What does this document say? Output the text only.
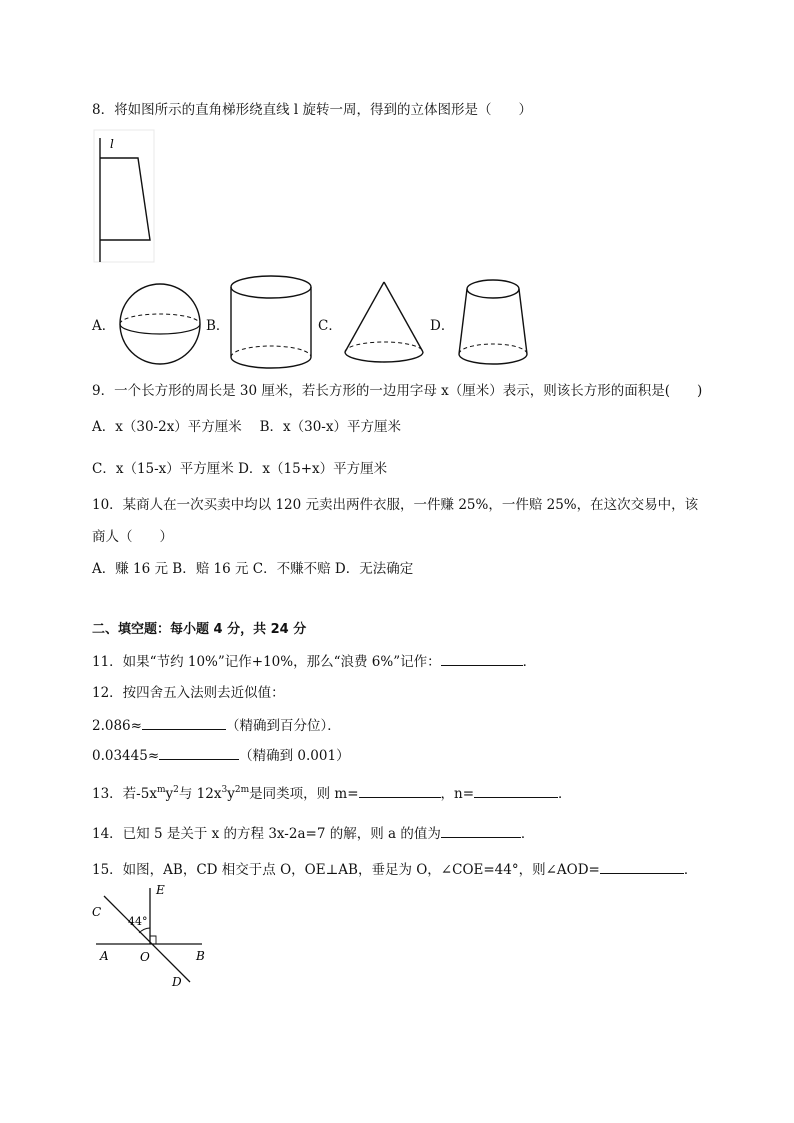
8．将如图所示的直角梯形绕直线 l 旋转一周，得到的立体图形是（　　）
l
A．	B．	C．	D．
9．一个长方形的周长是 30 厘米，若长方形的一边用字母 x（厘米）表示，则该长方形的面积是(　　)
A．x（30-2x）平方厘米　 B．x（30-x）平方厘米
C．x（15-x）平方厘米 D．x（15+x）平方厘米
10．某商人在一次买卖中均以 120 元卖出两件衣服，一件赚 25%，一件赔 25%，在这次交易中，该
商人（　　）
A．赚 16 元 B．赔 16 元 C．不赚不赔 D．无法确定
二、填空题：每小题 4 分，共 24 分
11．如果“节约 10%”记作+10%，那么“浪费 6%”记作：	．
12．按四舍五入法则去近似值：
2.086≈	（精确到百分位）．
0.03445≈	（精确到 0.001）
13．若$-5x^my^2$与 $12x^3y^{2m}$是同类项，则 m=	，n=	．
14．已知 5 是关于 x 的方程 3x-2a=7 的解，则 a 的值为	．
15．如图，AB，CD 相交于点 O，OE⊥AB，垂足为 O，∠COE=44°，则∠AOD=	．
E
C
44°
A	O	B
D
